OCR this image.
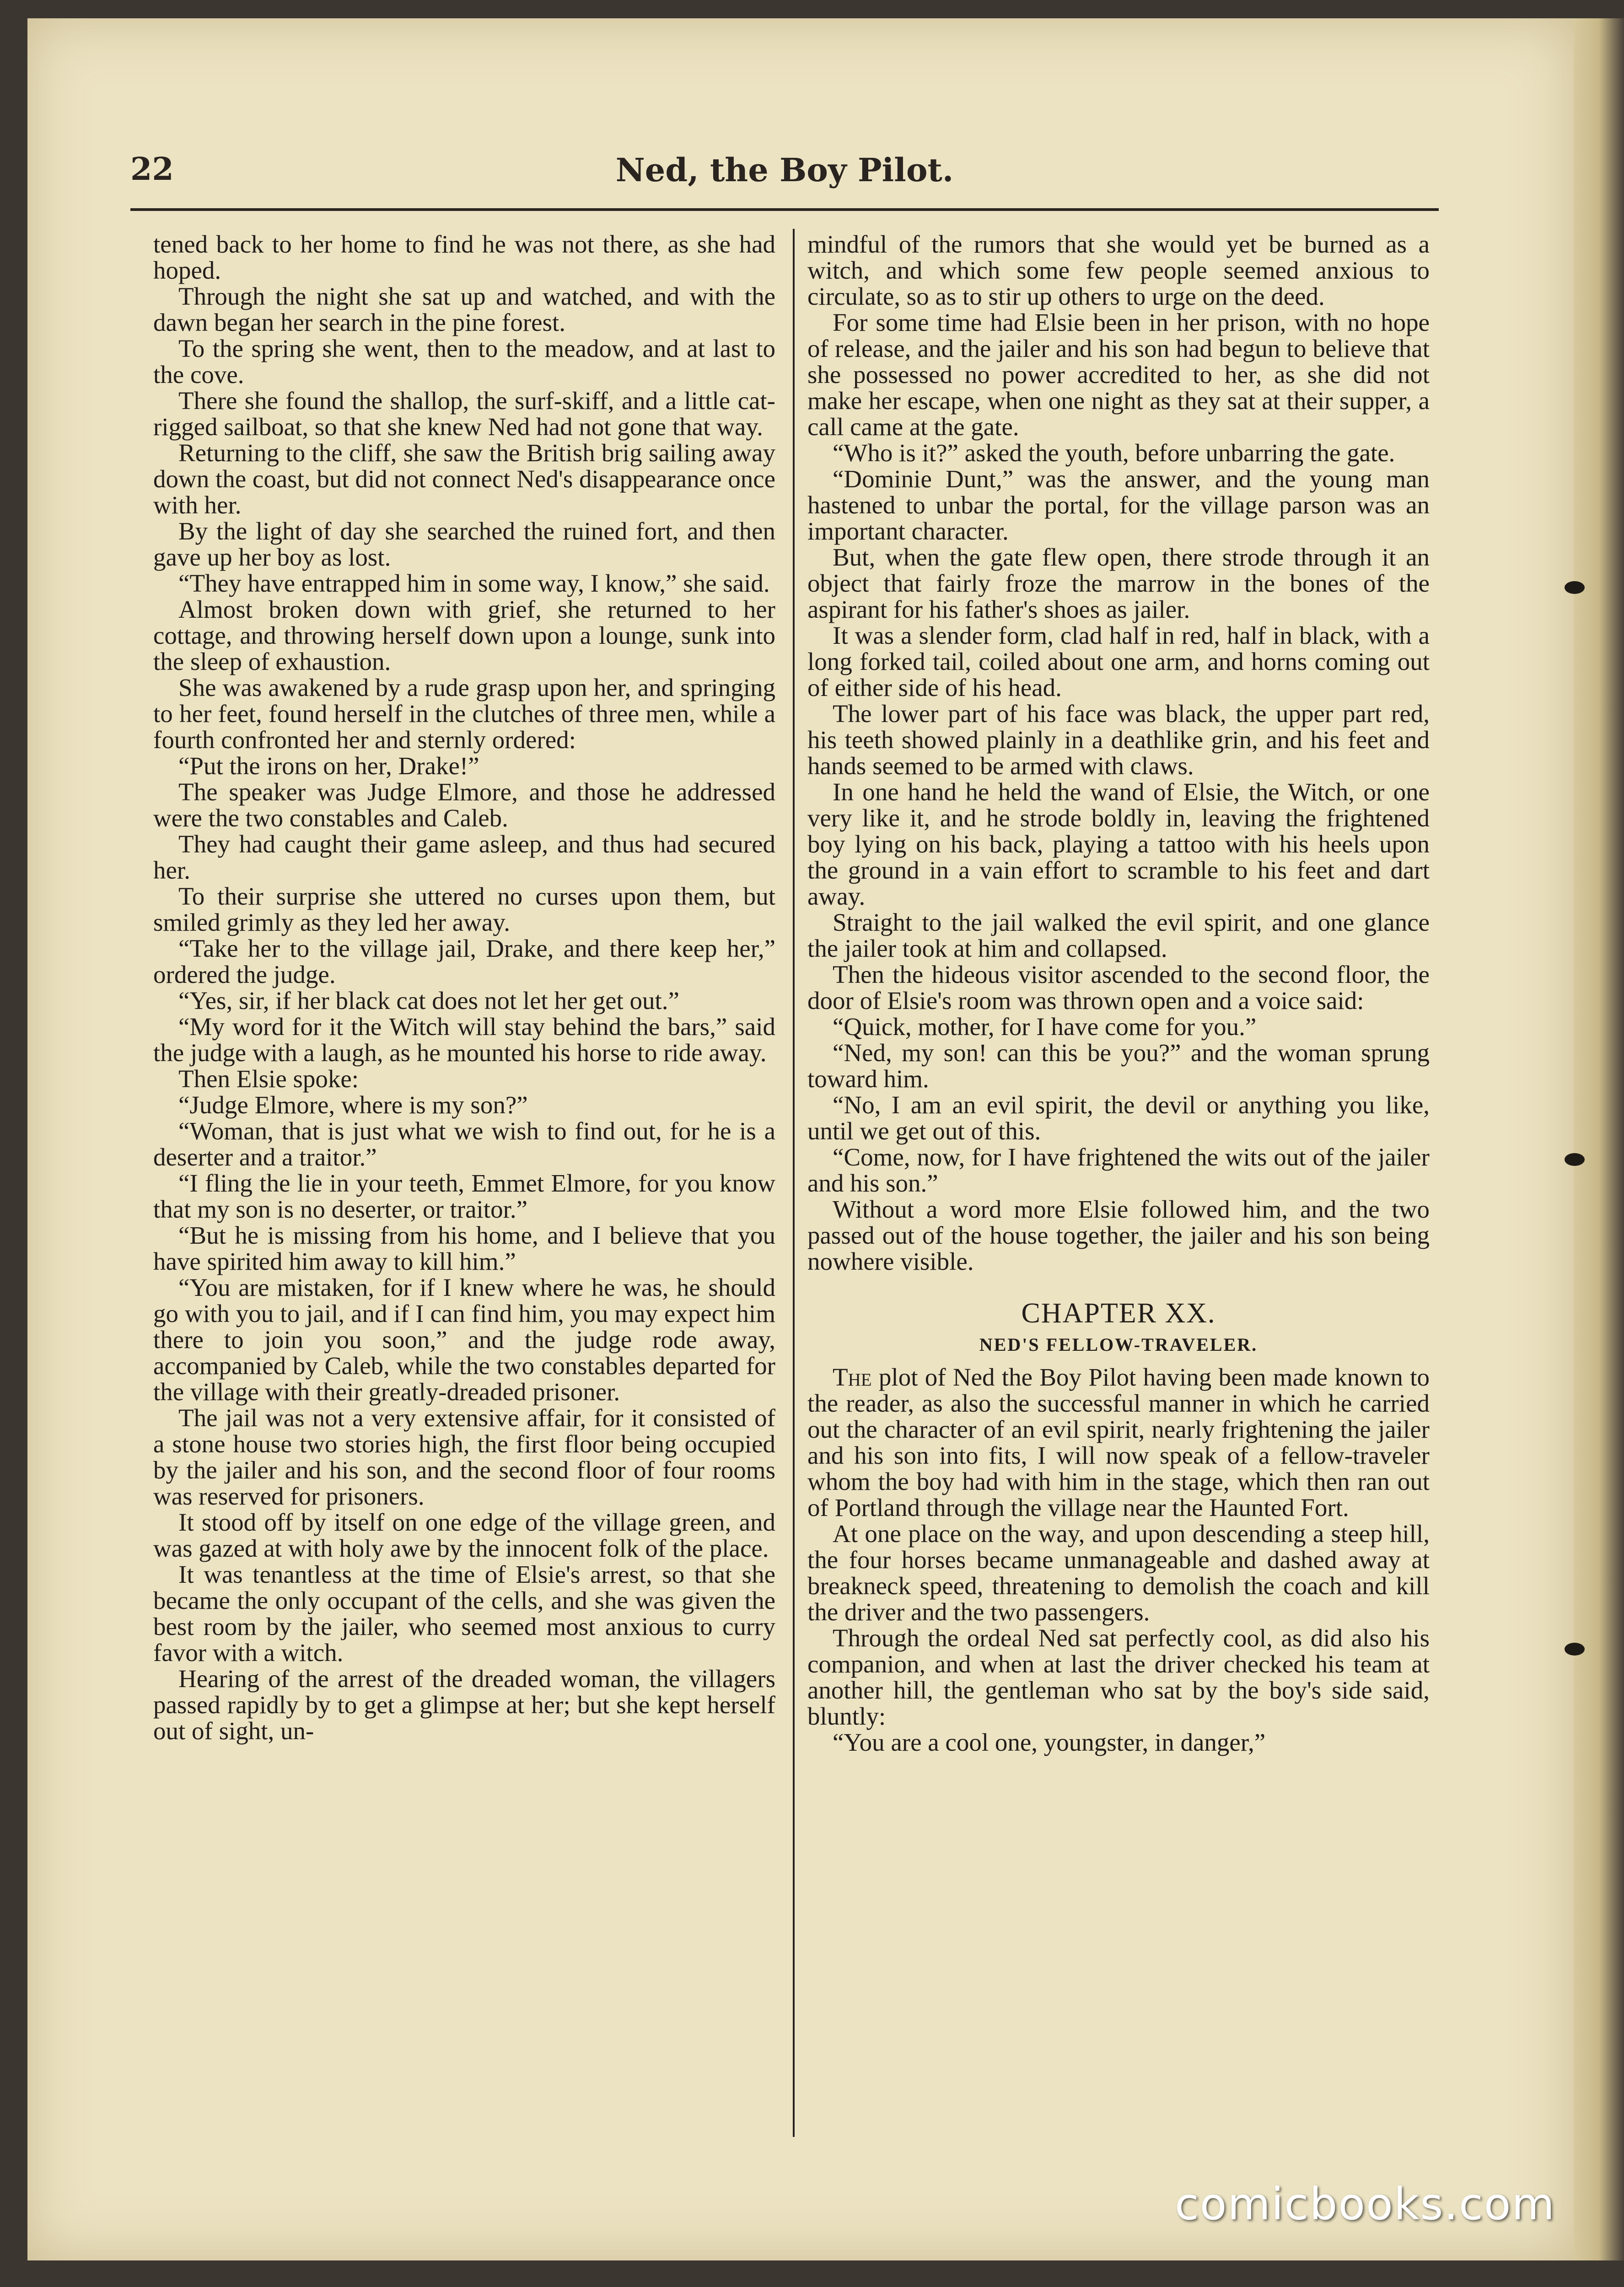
22	Ned, the Boy Pilot.

tened back to her home to find he was not there, as she had hoped.

Through the night she sat up and watched, and with the dawn began her search in the pine forest.

To the spring she went, then to the meadow, and at last to the cove.

There she found the shallop, the surf-skiff, and a little cat-rigged sailboat, so that she knew Ned had not gone that way.

Returning to the cliff, she saw the British brig sailing away down the coast, but did not connect Ned's disappearance once with her.

By the light of day she searched the ruined fort, and then gave up her boy as lost.

“They have entrapped him in some way, I know,” she said.

Almost broken down with grief, she returned to her cottage, and throwing herself down upon a lounge, sunk into the sleep of exhaustion.

She was awakened by a rude grasp upon her, and springing to her feet, found herself in the clutches of three men, while a fourth confronted her and sternly ordered:

“Put the irons on her, Drake!”

The speaker was Judge Elmore, and those he addressed were the two constables and Caleb.

They had caught their game asleep, and thus had secured her.

To their surprise she uttered no curses upon them, but smiled grimly as they led her away.

“Take her to the village jail, Drake, and there keep her,” ordered the judge.

“Yes, sir, if her black cat does not let her get out.”

“My word for it the Witch will stay behind the bars,” said the judge with a laugh, as he mounted his horse to ride away.

Then Elsie spoke:

“Judge Elmore, where is my son?”

“Woman, that is just what we wish to find out, for he is a deserter and a traitor.”

“I fling the lie in your teeth, Emmet Elmore, for you know that my son is no deserter, or traitor.”

“But he is missing from his home, and I believe that you have spirited him away to kill him.”

“You are mistaken, for if I knew where he was, he should go with you to jail, and if I can find him, you may expect him there to join you soon,” and the judge rode away, accompanied by Caleb, while the two constables departed for the village with their greatly-dreaded prisoner.

The jail was not a very extensive affair, for it consisted of a stone house two stories high, the first floor being occupied by the jailer and his son, and the second floor of four rooms was reserved for prisoners.

It stood off by itself on one edge of the village green, and was gazed at with holy awe by the innocent folk of the place.

It was tenantless at the time of Elsie's arrest, so that she became the only occupant of the cells, and she was given the best room by the jailer, who seemed most anxious to curry favor with a witch.

Hearing of the arrest of the dreaded woman, the villagers passed rapidly by to get a glimpse at her; but she kept herself out of sight, un-

mindful of the rumors that she would yet be burned as a witch, and which some few people seemed anxious to circulate, so as to stir up others to urge on the deed.

For some time had Elsie been in her prison, with no hope of release, and the jailer and his son had begun to believe that she possessed no power accredited to her, as she did not make her escape, when one night as they sat at their supper, a call came at the gate.

“Who is it?” asked the youth, before unbarring the gate.

“Dominie Dunt,” was the answer, and the young man hastened to unbar the portal, for the village parson was an important character.

But, when the gate flew open, there strode through it an object that fairly froze the marrow in the bones of the aspirant for his father's shoes as jailer.

It was a slender form, clad half in red, half in black, with a long forked tail, coiled about one arm, and horns coming out of either side of his head.

The lower part of his face was black, the upper part red, his teeth showed plainly in a deathlike grin, and his feet and hands seemed to be armed with claws.

In one hand he held the wand of Elsie, the Witch, or one very like it, and he strode boldly in, leaving the frightened boy lying on his back, playing a tattoo with his heels upon the ground in a vain effort to scramble to his feet and dart away.

Straight to the jail walked the evil spirit, and one glance the jailer took at him and collapsed.

Then the hideous visitor ascended to the second floor, the door of Elsie's room was thrown open and a voice said:

“Quick, mother, for I have come for you.”

“Ned, my son! can this be you?” and the woman sprung toward him.

“No, I am an evil spirit, the devil or anything you like, until we get out of this.

“Come, now, for I have frightened the wits out of the jailer and his son.”

Without a word more Elsie followed him, and the two passed out of the house together, the jailer and his son being nowhere visible.

CHAPTER XX.
NED'S FELLOW-TRAVELER.

The plot of Ned the Boy Pilot having been made known to the reader, as also the successful manner in which he carried out the character of an evil spirit, nearly frightening the jailer and his son into fits, I will now speak of a fellow-traveler whom the boy had with him in the stage, which then ran out of Portland through the village near the Haunted Fort.

At one place on the way, and upon descending a steep hill, the four horses became unmanageable and dashed away at breakneck speed, threatening to demolish the coach and kill the driver and the two passengers.

Through the ordeal Ned sat perfectly cool, as did also his companion, and when at last the driver checked his team at another hill, the gentleman who sat by the boy's side said, bluntly:

“You are a cool one, youngster, in danger,”

comicbooks.com
